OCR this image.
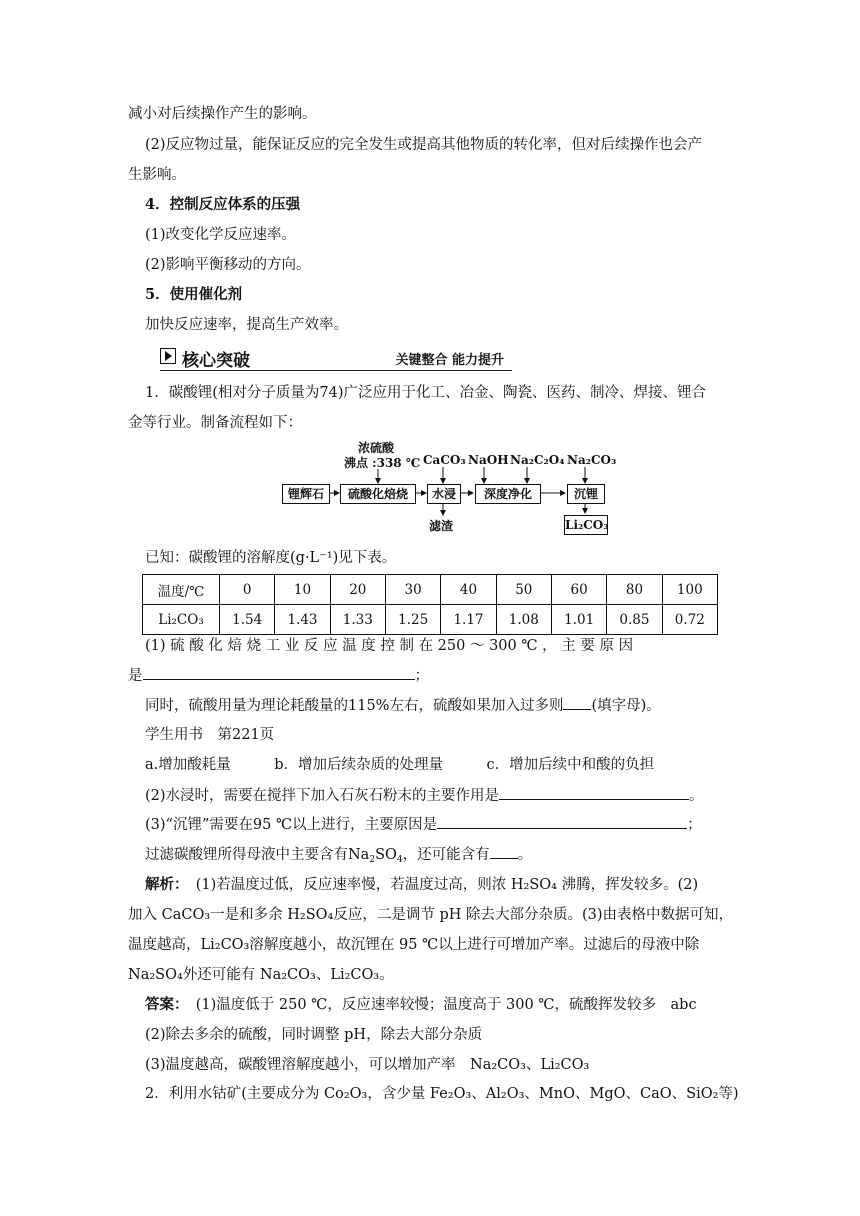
减小对后续操作产生的影响。
(2)反应物过量，能保证反应的完全发生或提高其他物质的转化率，但对后续操作也会产
生影响。
4．控制反应体系的压强
(1)改变化学反应速率。
(2)影响平衡移动的方向。
5．使用催化剂
加快反应速率，提高生产效率。
核心突破	关键整合 能力提升
1．碳酸锂(相对分子质量为74)广泛应用于化工、冶金、陶瓷、医药、制冷、焊接、锂合
金等行业。制备流程如下：
浓硫酸
沸点 :338 ℃ CaCO₃ NaOH Na₂C₂O₄ Na₂CO₃
锂辉石	硫酸化焙烧	水浸	深度净化	沉锂
滤渣	Li₂CO₃
已知：碳酸锂的溶解度(g·L⁻¹)见下表。
温度/℃	0	10	20	30	40	50	60	80	100
Li₂CO₃	1.54	1.43	1.33	1.25	1.17	1.08	1.01	0.85	0.72
(1) 硫 酸 化 焙 烧 工 业 反 应 温 度 控 制 在 250 ～ 300 ℃ ， 主 要 原 因
是	；
同时，硫酸用量为理论耗酸量的115%左右，硫酸如果加入过多则 (填字母)。
学生用书　第221页
a.增加酸耗量　　　	b．增加后续杂质的处理量　　　	c．增加后续中和酸的负担
(2)水浸时，需要在搅拌下加入石灰石粉末的主要作用是	。
(3)“沉锂”需要在95 ℃以上进行，主要原因是	；
过滤碳酸锂所得母液中主要含有$Na_2SO_4$，还可能含有 。
解析：　(1)若温度过低，反应速率慢，若温度过高，则浓 H₂SO₄ 沸腾，挥发较多。(2)
加入 CaCO₃一是和多余 H₂SO₄反应，二是调节 pH 除去大部分杂质。(3)由表格中数据可知，
温度越高，Li₂CO₃溶解度越小，故沉锂在 95 ℃以上进行可增加产率。过滤后的母液中除
Na₂SO₄外还可能有 Na₂CO₃、Li₂CO₃。
答案：　(1)温度低于 250 ℃，反应速率较慢；温度高于 300 ℃，硫酸挥发较多　abc
(2)除去多余的硫酸，同时调整 pH，除去大部分杂质
(3)温度越高，碳酸锂溶解度越小，可以增加产率　Na₂CO₃、Li₂CO₃
2．利用水钴矿(主要成分为 Co₂O₃，含少量 Fe₂O₃、Al₂O₃、MnO、MgO、CaO、SiO₂等)
